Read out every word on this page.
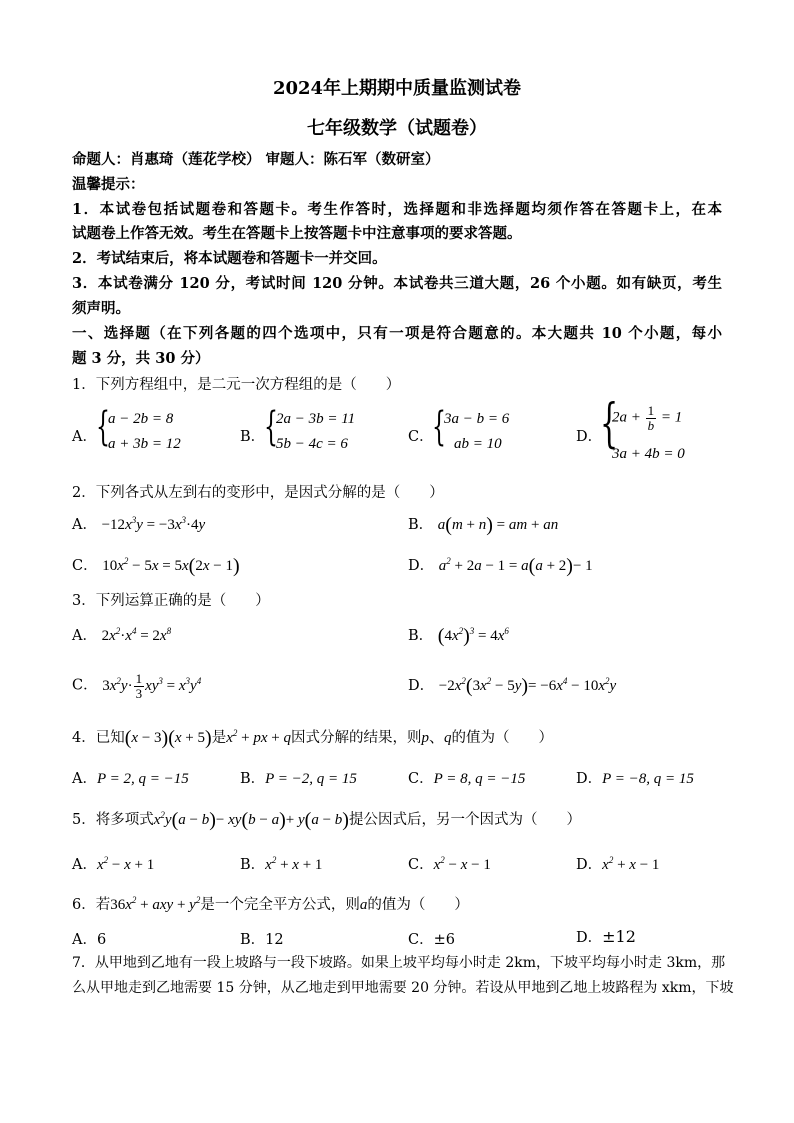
2024年上期期中质量监测试卷
七年级数学（试题卷）
命题人：肖惠琦（莲花学校） 审题人：陈石军（数研室）
温馨提示：
1．本试卷包括试题卷和答题卡。考生作答时，选择题和非选择题均须作答在答题卡上，在本
试题卷上作答无效。考生在答题卡上按答题卡中注意事项的要求答题。
2．考试结束后，将本试题卷和答题卡一并交回。
3．本试卷满分 120 分，考试时间 120 分钟。本试卷共三道大题，26 个小题。如有缺页，考生
须声明。
一、选择题（在下列各题的四个选项中，只有一项是符合题意的。本大题共 10 个小题，每小
题 3 分，共 30 分）
1．下列方程组中，是二元一次方程组的是（　　）
A． {
a − 2b = 8
a + 3b = 12	B．
{
2a − 3b = 11
5b − 4c = 6	C．
{
3a − b = 6
ab = 10	D．
{
$2a + \frac{1}{b} = 1$
3a + 4b = 0
2．下列各式从左到右的变形中，是因式分解的是（　　）
A． $-12x^3y = -3x^3\cdot 4y$	B． a(m + n) = am + an
C． $10x^2 - 5x = 5x(2x - 1)$	D． $a^2 + 2a - 1 = a(a + 2)- 1$
3．下列运算正确的是（　　）
A． $2x^2\cdot x^4 = 2x^8$	B． $(4x^2)^3 = 4x^6$
C． $3x^2y\cdot \frac{1}{3} xy^3 = x^3y^4$	D． $-2x^2(3x^2 - 5y)= -6x^4 - 10x^2y$
4．已知(x − 3)(x + 5)是$x^2$ + px + q因式分解的结果，则p、q的值为（　　）
A．P = 2, q = −15	B．P = −2, q = 15	C．P = 8, q = −15	D．P = −8, q = 15
5．将多项式$x^2y(a - b)- xy(b - a)+ y(a - b)$提公因式后，另一个因式为（　　）
A．$x^2 - x + 1$	B．$x^2 + x + 1$	C．$x^2 - x - 1$	D．$x^2 + x - 1$
6．若$36x^2$ + axy + $y^2$是一个完全平方公式，则a的值为（　　）
A．6	B．12	C．±6	D．±12
7．从甲地到乙地有一段上坡路与一段下坡路。如果上坡平均每小时走 2km，下坡平均每小时走 3km，那
么从甲地走到乙地需要 15 分钟，从乙地走到甲地需要 20 分钟。若设从甲地到乙地上坡路程为 xkm，下坡
